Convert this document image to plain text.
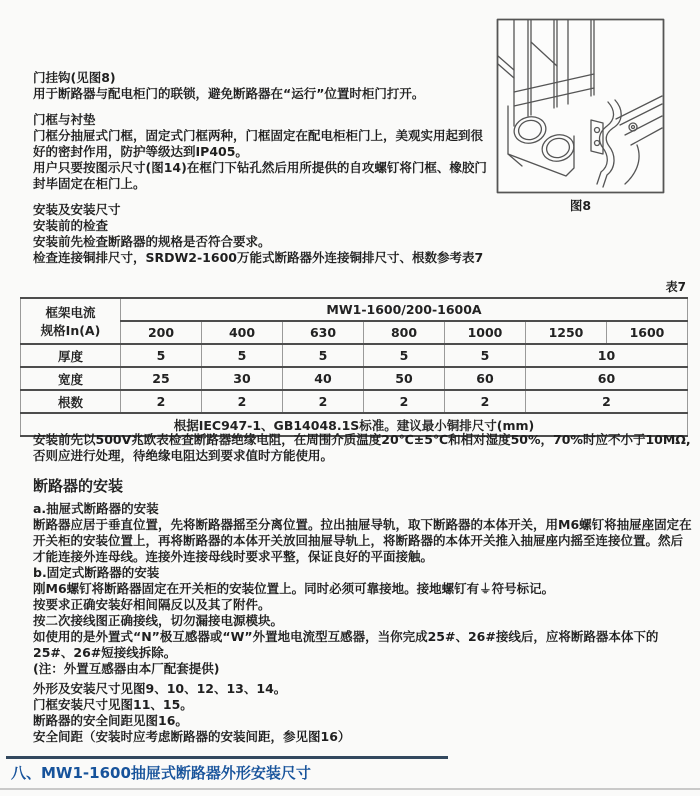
图8

门挂钩(见图8)

用于断路器与配电柜门的联锁，避免断路器在“运行”位置时柜门打开。

门框与衬垫

门框分抽屉式门框，固定式门框两种，门框固定在配电柜柜门上，美观实用起到很好的密封作用，防护等级达到IP405。

用户只要按图示尺寸(图14)在框门下钻孔然后用所提供的自攻螺钉将门框、橡胶门封毕固定在柜门上。

安装及安装尺寸

安装前的检查

安装前先检查断路器的规格是否符合要求。

检查连接铜排尺寸，SRDW2-1600万能式断路器外连接铜排尺寸、根数参考表7

表7
框架电流
规格In(A)	MW1-1600/200-1600A						
	200	400	630	800	1000	1250	1600
厚度	5	5	5	5	5	10	
宽度	25	30	40	50	60	60	
根数	2	2	2	2	2	2	
根据IEC947-1、GB14048.1S标准。建议最小铜排尺寸(mm)							

安装前先以500V兆欧表检查断路器绝缘电阻，在周围介质温度20℃±5℃和相对湿度50%，70%时应不小于10MΩ,否则应进行处理，待绝缘电阻达到要求值时方能使用。

断路器的安装

a.抽屉式断路器的安装

断路器应居于垂直位置，先将断路器摇至分离位置。拉出抽屉导轨，取下断路器的本体开关，用M6螺钉将抽屉座固定在开关柜的安装位置上，再将断路器的本体开关放回抽屉导轨上，将断路器的本体开关推入抽屉座内摇至连接位置。然后才能连接外连母线。连接外连接母线时要求平整，保证良好的平面接触。

b.固定式断路器的安装

刚M6螺钉将断路器固定在开关柜的安装位置上。同时必须可靠接地。接地螺钉有⏚符号标记。

按要求正确安装好相间隔反以及其了附件。

按二次接线图正确接线，切勿漏接电源模块。

如使用的是外置式“N”极互感器或“W”外置地电流型互感器，当你完成25#、26#接线后，应将断路器本体下的25#、26#短接线拆除。

(注：外置互感器由本厂配套提供)

外形及安装尺寸见图9、10、12、13、14。

门框安装尺寸见图11、15。

断路器的安全间距见图16。

安全间距（安装时应考虑断路器的安装间距，参见图16）

八、MW1-1600抽屉式断路器外形安装尺寸
